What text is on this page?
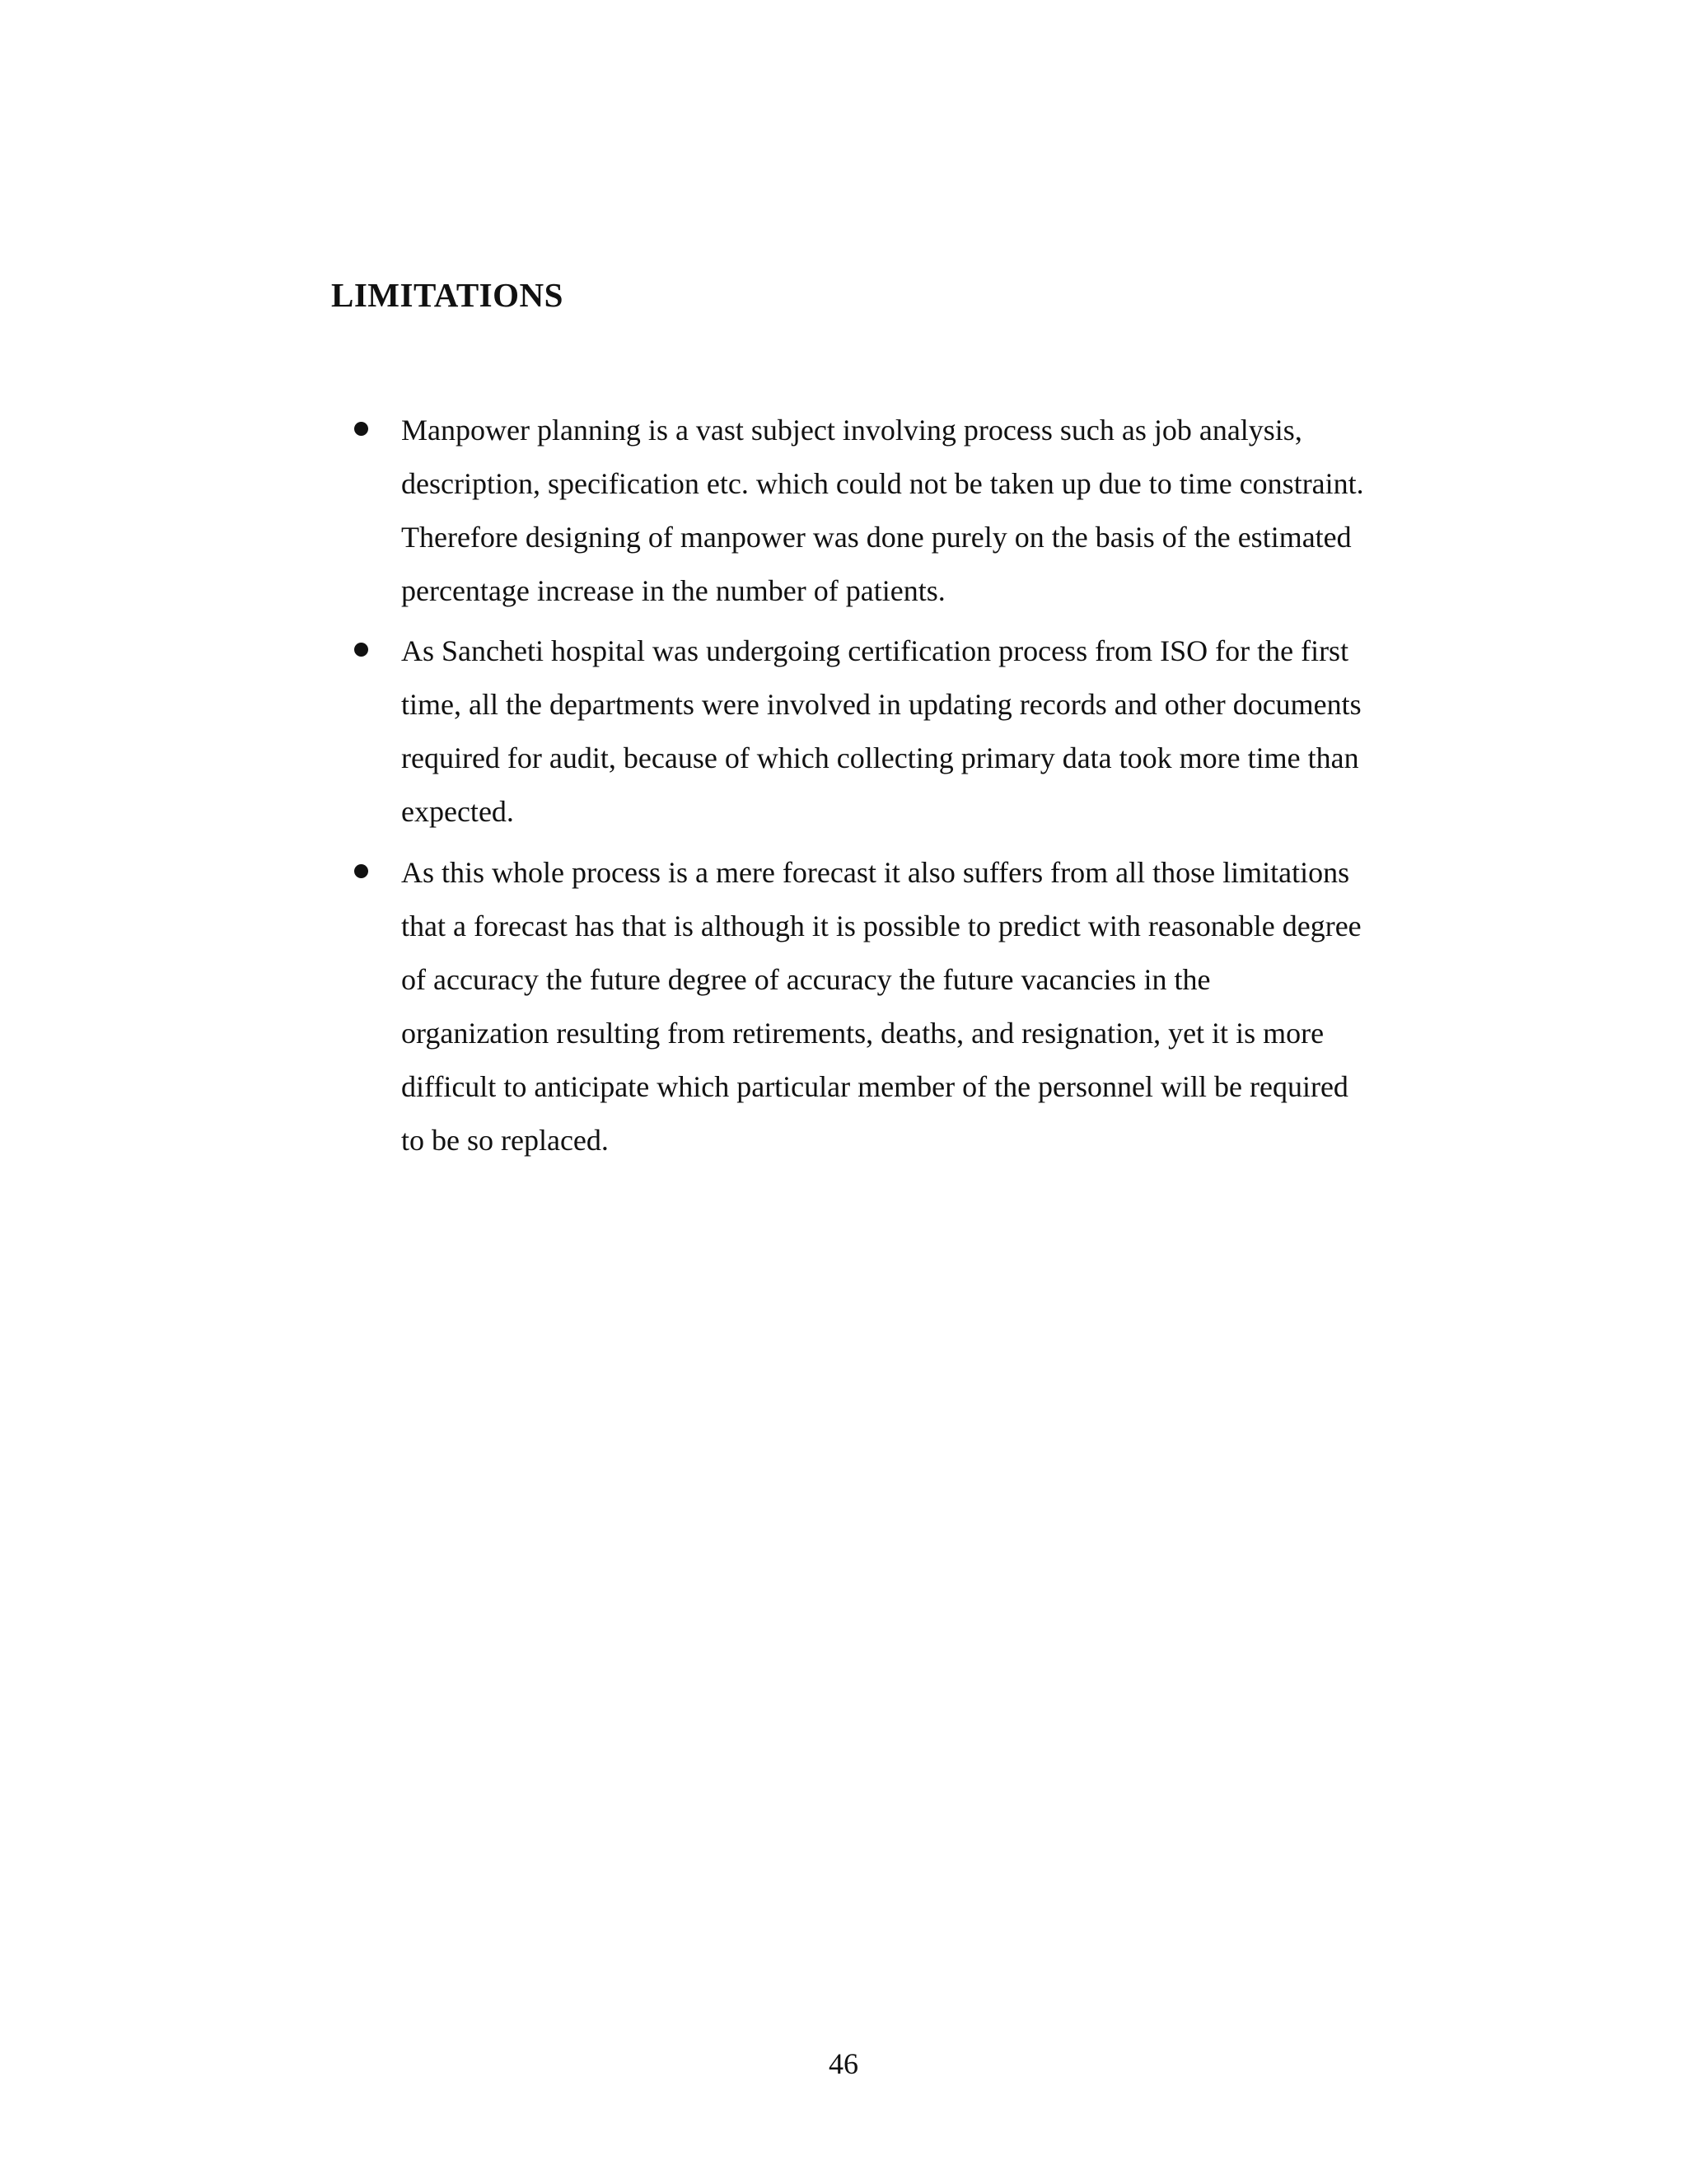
LIMITATIONS

Manpower planning is a vast subject involving process such as job analysis, description, specification etc. which could not be taken up due to time constraint. Therefore designing of manpower was done purely on the basis of the estimated percentage increase in the number of patients.

As Sancheti hospital was undergoing certification process from ISO for the first time, all the departments were involved in updating records and other documents required for audit, because of which collecting primary data took more time than expected.

As this whole process is a mere forecast it also suffers from all those limitations that a forecast has that is although it is possible to predict with reasonable degree of accuracy the future degree of accuracy the future vacancies in the organization resulting from retirements, deaths, and resignation, yet it is more difficult to anticipate which particular member of the personnel will be required to be so replaced.

46
